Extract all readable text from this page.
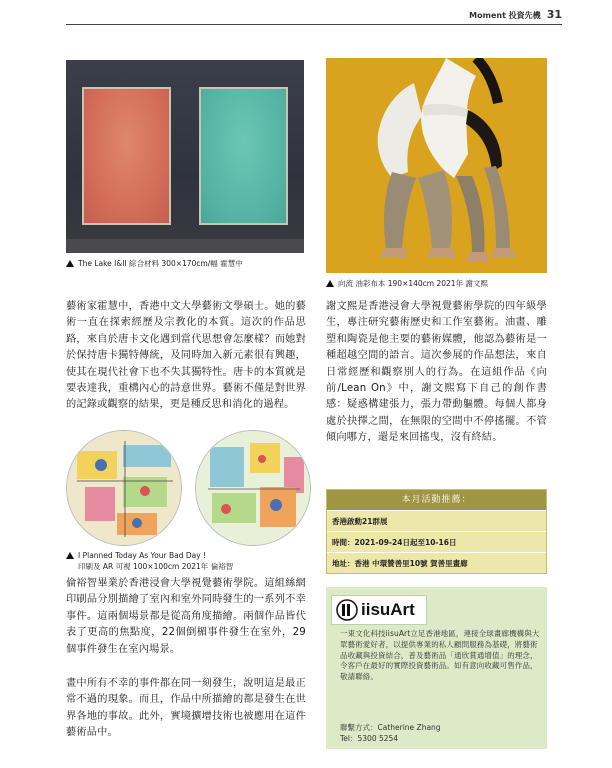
Moment 投資先機 31
The Lake I&II 綜合材料 300×170cm/幅 霍慧中
向流 油彩布本 190×140cm 2021年 謝文熙
藝術家霍慧中，香港中文大學藝術文學碩士。她的藝術一直在探索經歷及宗教化的本質。這次的作品思路，來自於唐卡文化遇到當代思想會怎麼樣？而她對於保持唐卡獨特傳統，及同時加入新元素很有興趣，使其在現代社會下也不失其獨特性。唐卡的本質就是要表達我，重構內心的詩意世界。藝術不僅是對世界的記錄或觀察的結果，更是種反思和消化的過程。
I Planned Today As Your Bad Day !
印刷及 AR 可視 100×100cm 2021年 倫裕智
倫裕智畢業於香港浸會大學視覺藝術學院。這組絲網印刷品分別描繪了室內和室外同時發生的一系列不幸事件。這兩個場景都是從高角度描繪。兩個作品皆代表了更高的焦點度，22個倒楣事件發生在室外，29個事件發生在室內場景。
畫中所有不幸的事件都在同一刻發生，說明這是最正常不過的現象。而且，作品中所描繪的都是發生在世界各地的事故。此外，實境擴增技術也被應用在這件藝術品中。
謝文熙是香港浸會大學視覺藝術學院的四年級學生，專注研究藝術歷史和工作室藝術。油畫、雕塑和陶瓷是他主要的藝術媒體，他認為藝術是一種超越空間的語言。這次參展的作品想法，來自日常經歷和觀察別人的行為。在這組作品《向前/Lean On》中，謝文熙寫下自己的創作書感：疑惑構建張力，張力帶動軀體。每個人都身處於抉擇之間，在無限的空間中不停搖擺。不管傾向哪方，還是來回搖曳，沒有終結。
本月活動推薦：
香港啟動21群展
時間：2021-09-24日起至10-16日
地址：香港 中環贊善里10號 賀善里畫廊
iisuArt
一束文化科技iisuArt立足香港地區，連接全球畫廊機構與大眾藝術愛好者，以提供專業的私人顧問服務為基礎，將藝術品收藏與投資結合，普及藝術品「通欣賞通增值」的理念，令客戶在最好的實際投資藝術品。如有意向收藏可售作品，敬請聯絡。
聯繫方式：Catherine Zhang
Tel：5300 5254
